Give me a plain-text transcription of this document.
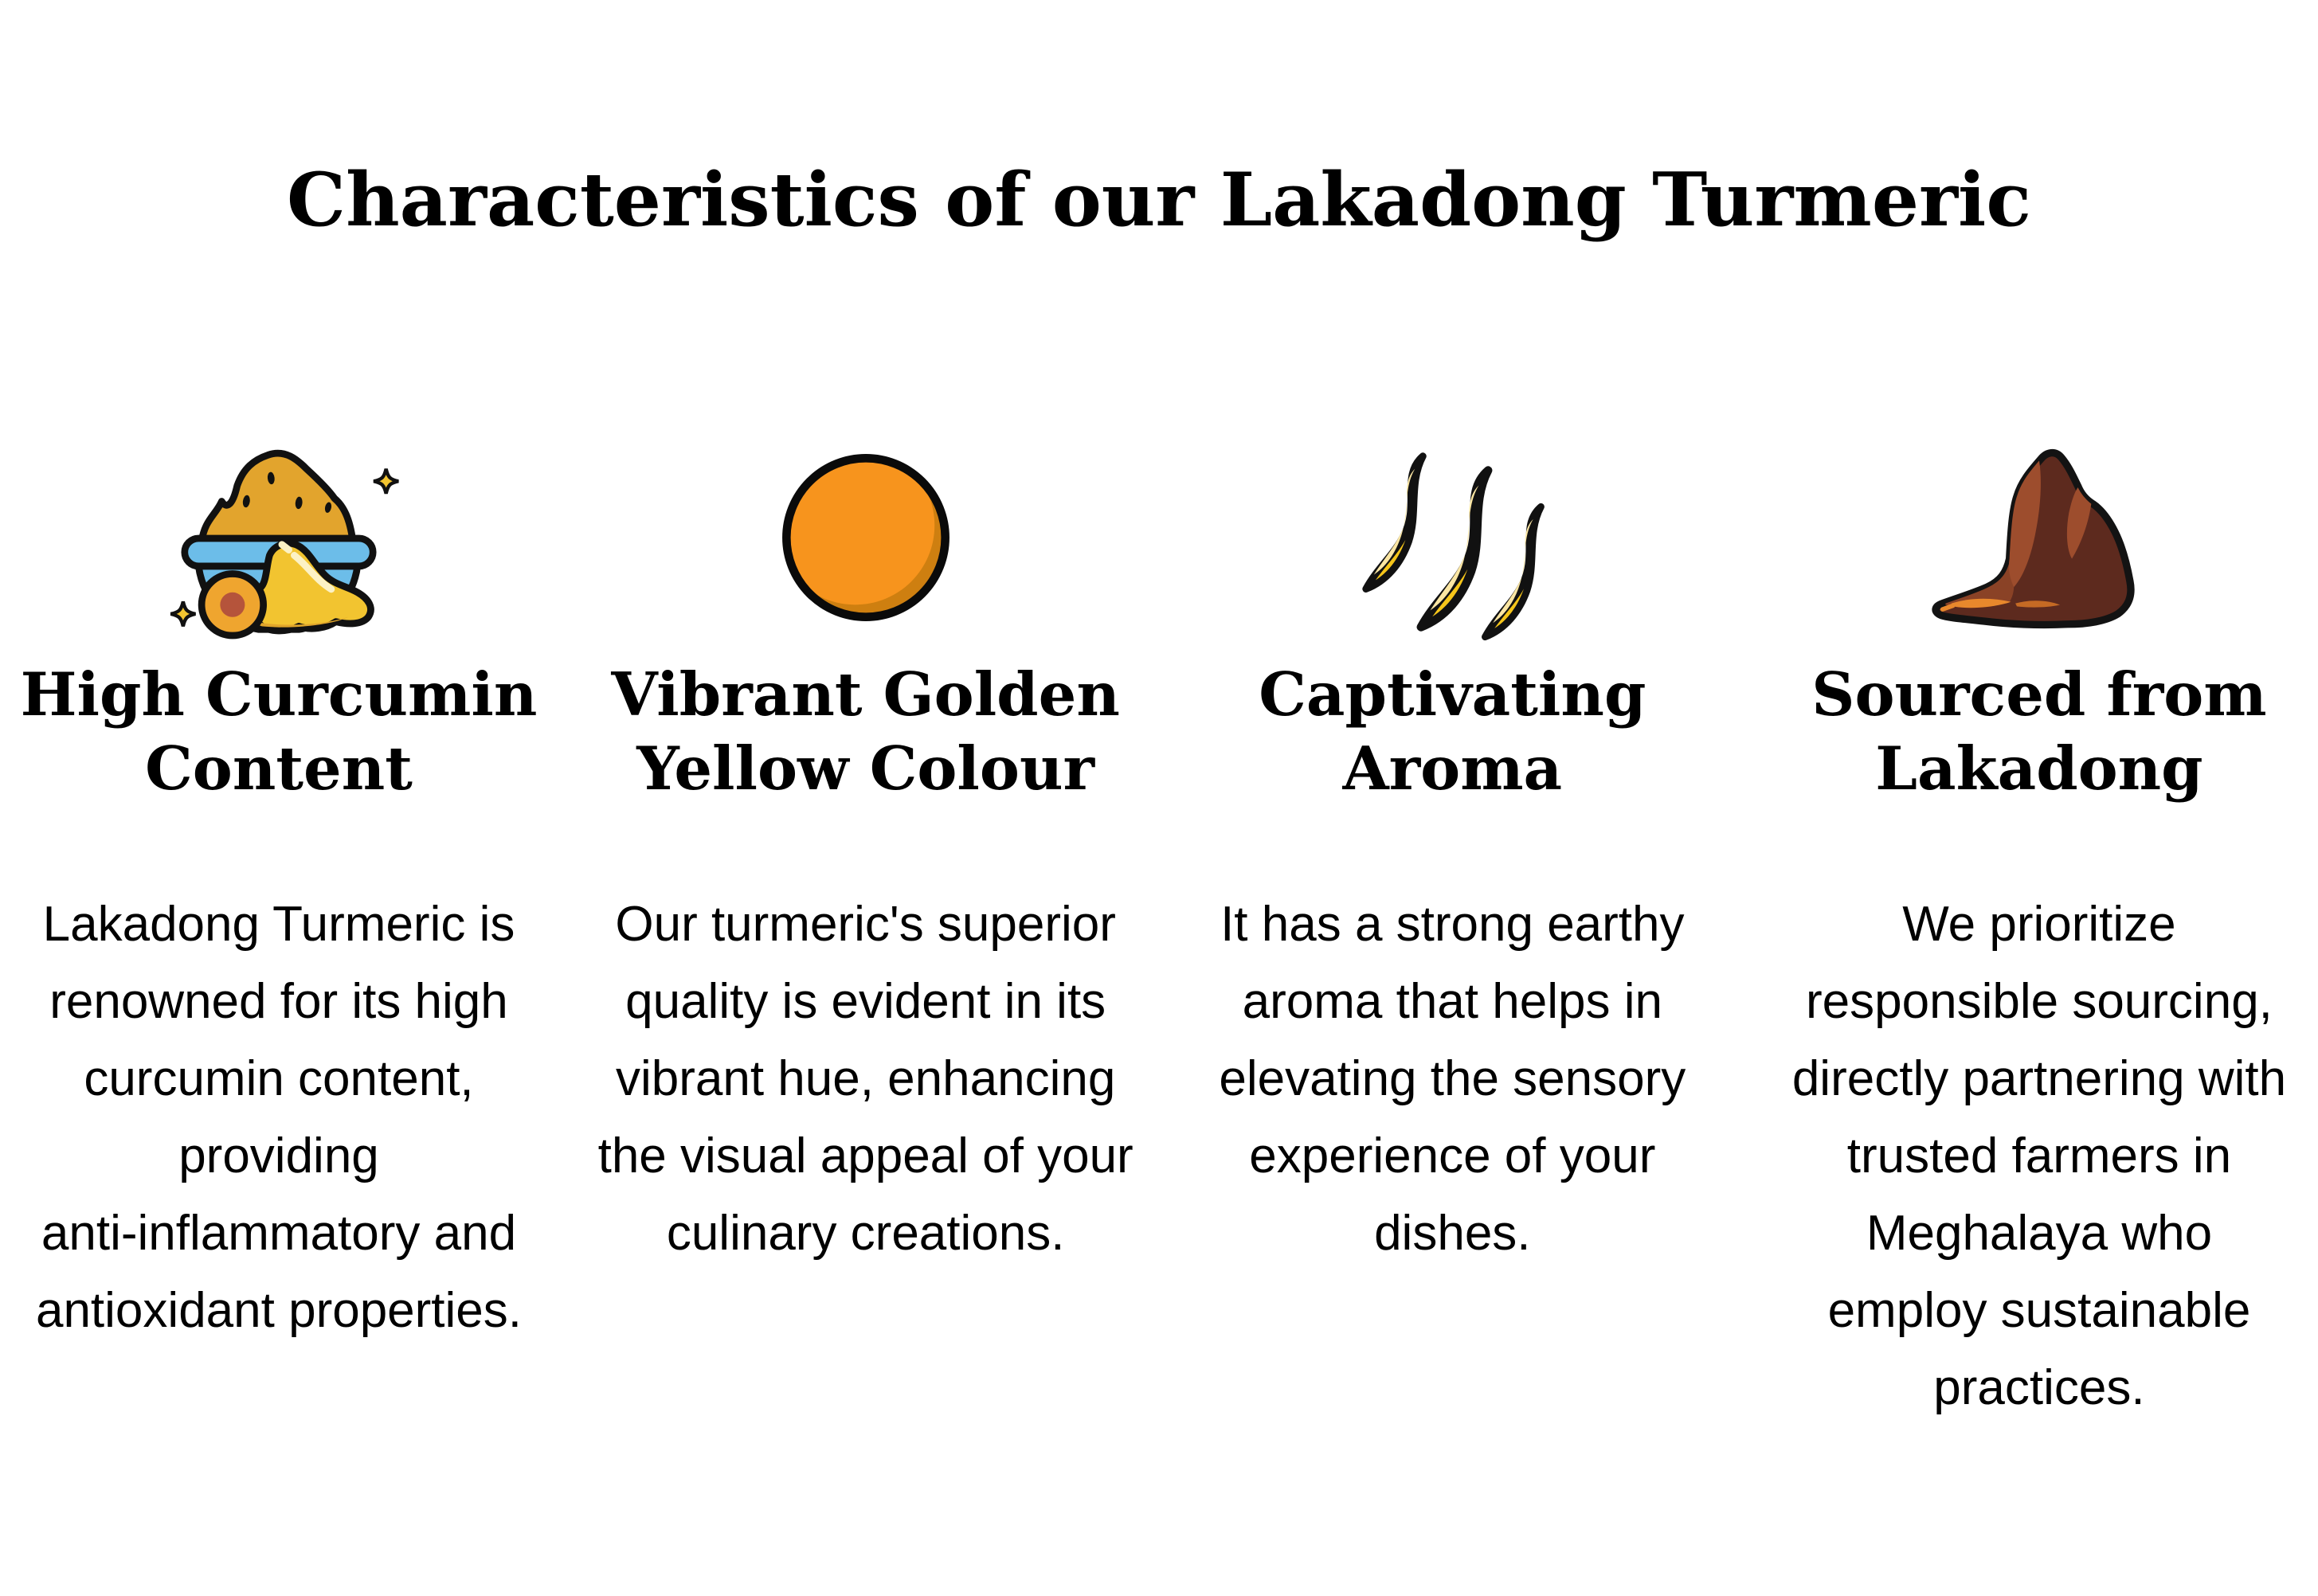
Characteristics of our Lakadong Turmeric
High Curcumin
Content
Lakadong Turmeric is
renowned for its high
curcumin content,
providing
anti-inflammatory and
antioxidant properties.
Vibrant Golden
Yellow Colour
Our turmeric's superior
quality is evident in its
vibrant hue, enhancing
the visual appeal of your
culinary creations.
Captivating
Aroma
It has a strong earthy
aroma that helps in
elevating the sensory
experience of your
dishes.
Sourced from
Lakadong
We prioritize
responsible sourcing,
directly partnering with
trusted farmers in
Meghalaya who
employ sustainable
practices.
